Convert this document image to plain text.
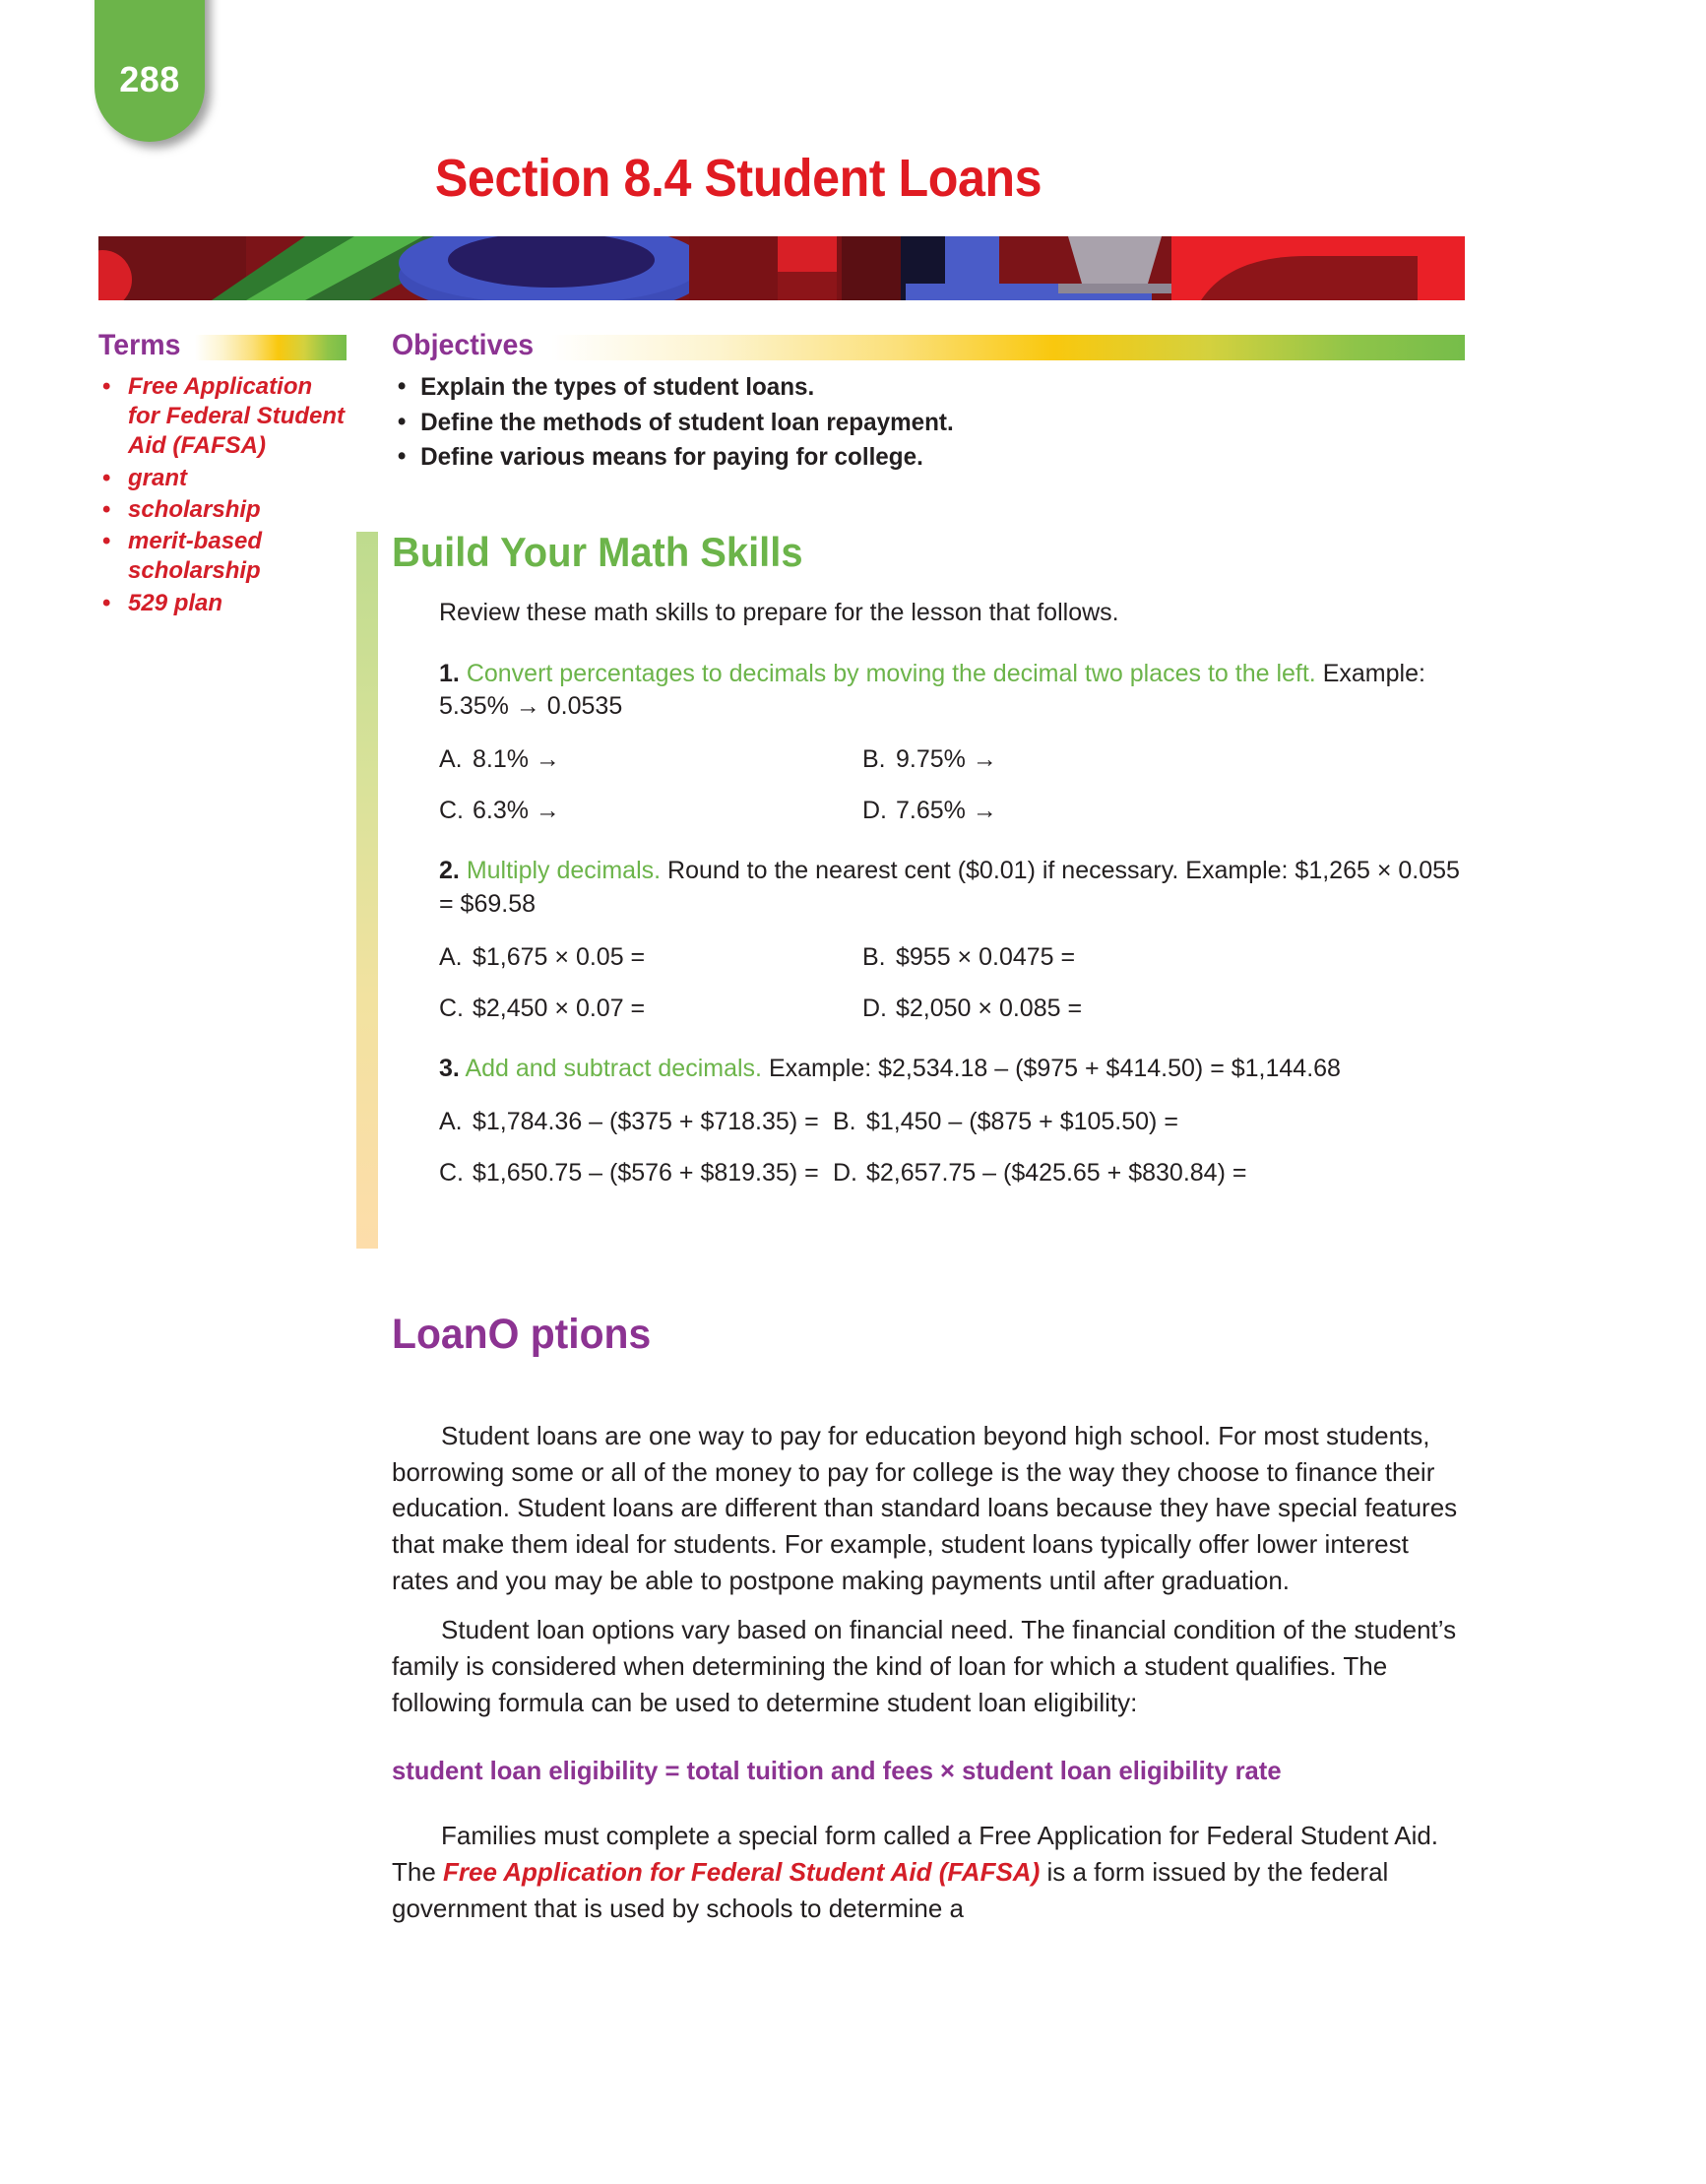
288
Section 8.4 Student Loans
Terms
• Free Application for Federal Student Aid (FAFSA)
• grant
• scholarship
• merit-based scholarship
• 529 plan
Objectives
• Explain the types of student loans.
• Define the methods of student loan repayment.
• Define various means for paying for college.
Build Your Math Skills

Review these math skills to prepare for the lesson that follows.

1. Convert percentages to decimals by moving the decimal two places to the left. Example: 5.35% → 0.0535

A. 8.1% →	B. 9.75% →
C. 6.3% →	D. 7.65% →

2. Multiply decimals. Round to the nearest cent ($0.01) if necessary. Example: $1,265 × 0.055 = $69.58

A. $1,675 × 0.05 =	B. $955 × 0.0475 =
C. $2,450 × 0.07 =	D. $2,050 × 0.085 =

3. Add and subtract decimals. Example: $2,534.18 – ($975 + $414.50) = $1,144.68

A. $1,784.36 – ($375 + $718.35) = B. $1,450 – ($875 + $105.50) =
C. $1,650.75 – ($576 + $819.35) = D. $2,657.75 – ($425.65 + $830.84) =
LoanO ptions

Student loans are one way to pay for education beyond high school. For most students, borrowing some or all of the money to pay for college is the way they choose to finance their education. Student loans are different than standard loans because they have special features that make them ideal for students. For example, student loans typically offer lower interest rates and you may be able to postpone making payments until after graduation.

Student loan options vary based on financial need. The financial condition of the student’s family is considered when determining the kind of loan for which a student qualifies. The following formula can be used to determine student loan eligibility:

student loan eligibility = total tuition and fees × student loan eligibility rate

Families must complete a special form called a Free Application for Federal Student Aid. The Free Application for Federal Student Aid (FAFSA) is a form issued by the federal government that is used by schools to determine a
